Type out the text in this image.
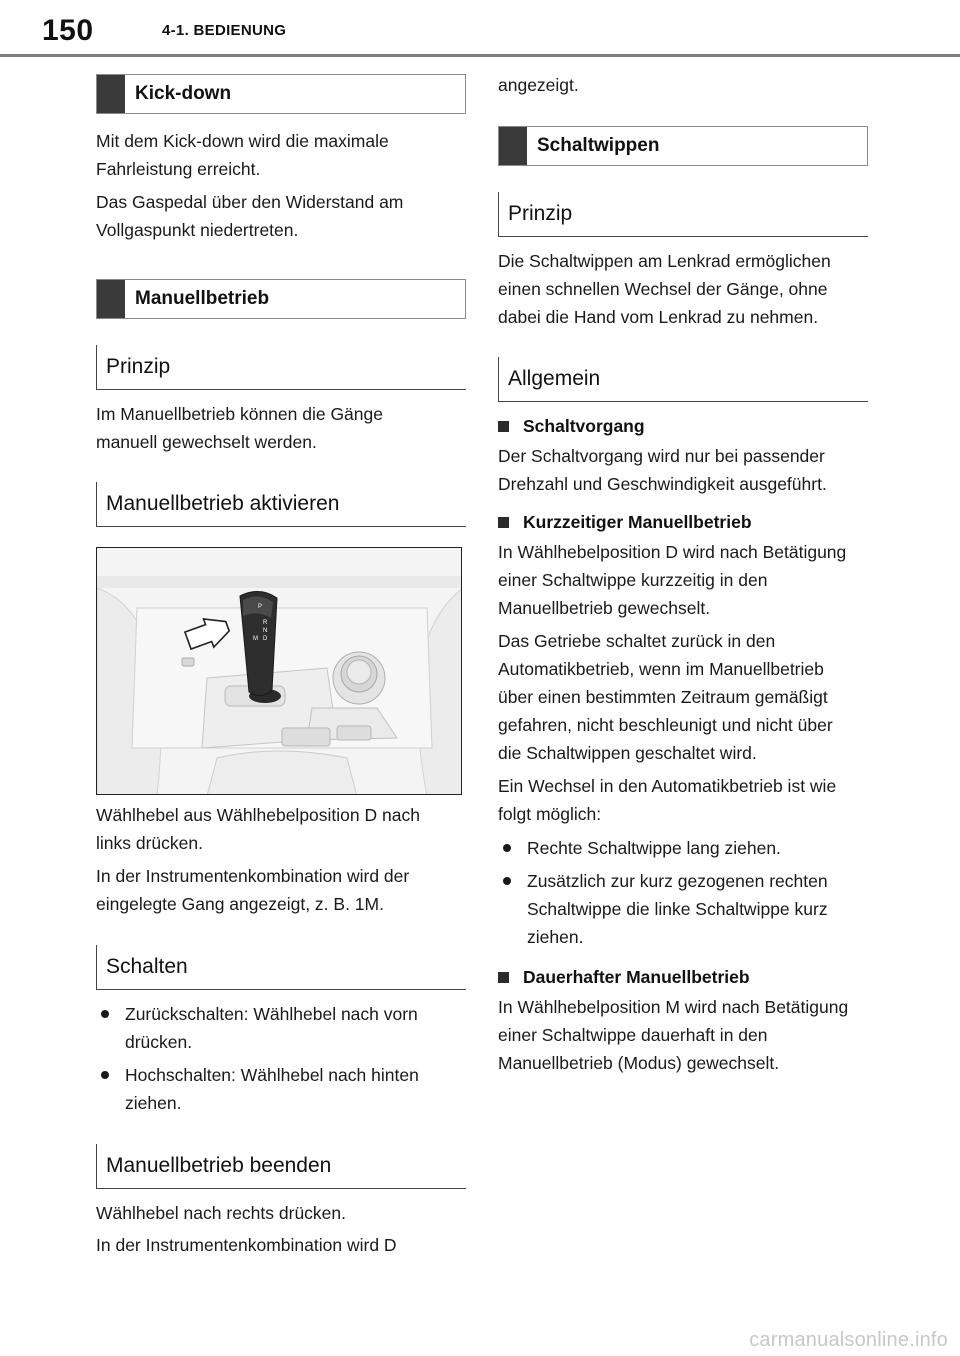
150	4-1. BEDIENUNG
Kick-down

Mit dem Kick-down wird die maximale Fahrleistung erreicht.

Das Gaspedal über den Widerstand am Vollgaspunkt niedertreten.

Manuellbetrieb
Prinzip

Im Manuellbetrieb können die Gänge manuell gewechselt werden.

Manuellbetrieb aktivieren
P
R
N
D
M

Wählhebel aus Wählhebelposition D nach links drücken.

In der Instrumentenkombination wird der eingelegte Gang angezeigt, z. B. 1M.

Schalten
Zurückschalten: Wählhebel nach vorn drücken.
Hochschalten: Wählhebel nach hinten ziehen.
Manuellbetrieb beenden

Wählhebel nach rechts drücken.

In der Instrumentenkombination wird D

angezeigt.

Schaltwippen
Prinzip

Die Schaltwippen am Lenkrad ermöglichen einen schnellen Wechsel der Gänge, ohne dabei die Hand vom Lenkrad zu nehmen.

Allgemein
Schaltvorgang

Der Schaltvorgang wird nur bei passender Drehzahl und Geschwindigkeit ausgeführt.

Kurzzeitiger Manuellbetrieb

In Wählhebelposition D wird nach Betätigung einer Schaltwippe kurzzeitig in den Manuellbetrieb gewechselt.

Das Getriebe schaltet zurück in den Automatikbetrieb, wenn im Manuellbetrieb über einen bestimmten Zeitraum gemäßigt gefahren, nicht beschleunigt und nicht über die Schaltwippen geschaltet wird.

Ein Wechsel in den Automatikbetrieb ist wie folgt möglich:

Rechte Schaltwippe lang ziehen.
Zusätzlich zur kurz gezogenen rechten Schaltwippe die linke Schaltwippe kurz ziehen.
Dauerhafter Manuellbetrieb

In Wählhebelposition M wird nach Betätigung einer Schaltwippe dauerhaft in den Manuellbetrieb (Modus) gewechselt.

carmanualsonline.info
